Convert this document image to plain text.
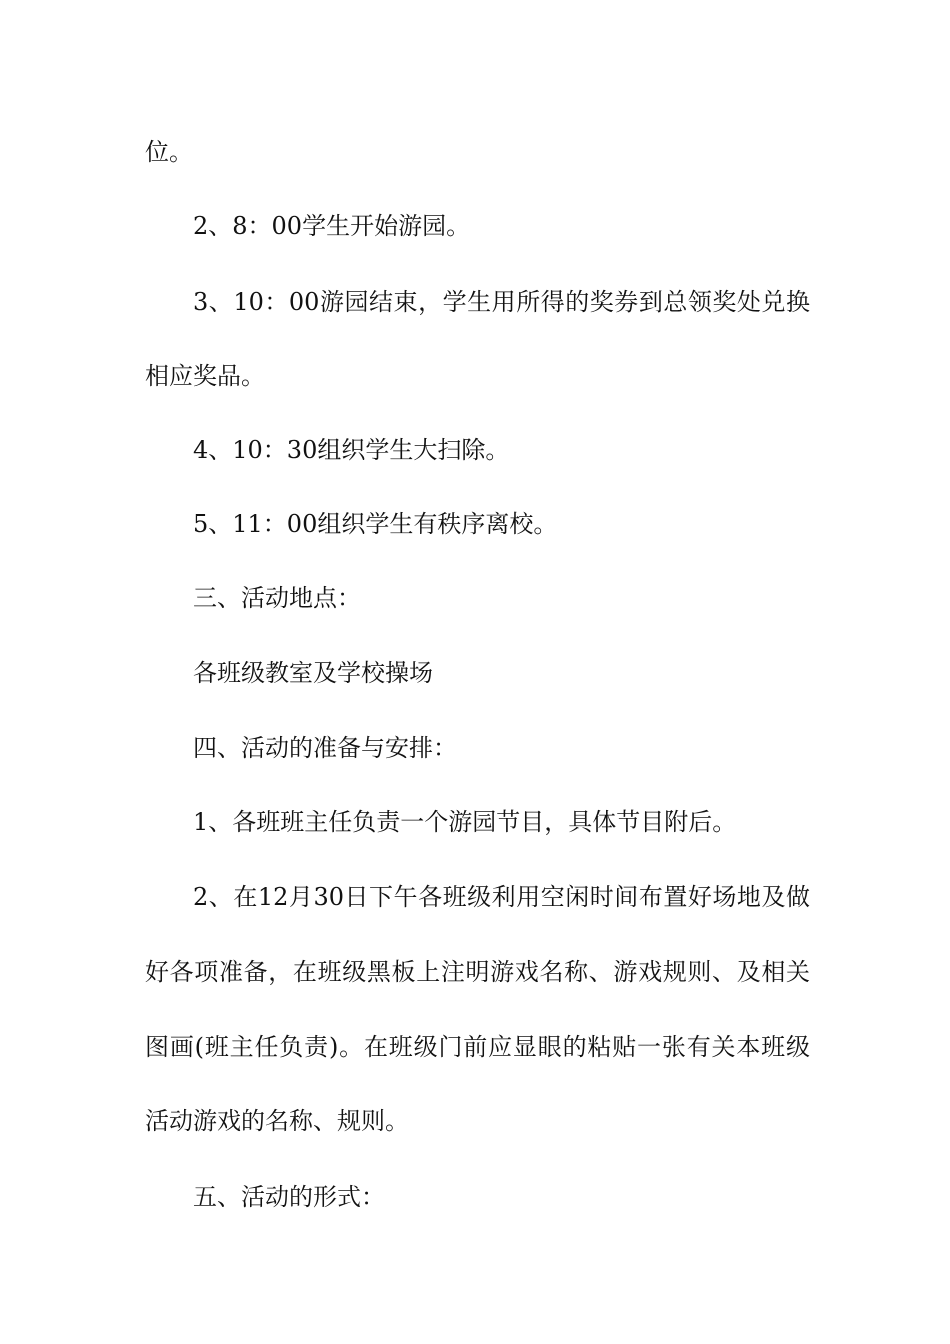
位。
2、8：00学生开始游园。
3、10：00游园结束，学生用所得的奖券到总领奖处兑换
相应奖品。
4、10：30组织学生大扫除。
5、11：00组织学生有秩序离校。
三、活动地点：
各班级教室及学校操场
四、活动的准备与安排：
1、各班班主任负责一个游园节目，具体节目附后。
2、在12月30日下午各班级利用空闲时间布置好场地及做
好各项准备，在班级黑板上注明游戏名称、游戏规则、及相关
图画(班主任负责)。在班级门前应显眼的粘贴一张有关本班级
活动游戏的名称、规则。
五、活动的形式：
